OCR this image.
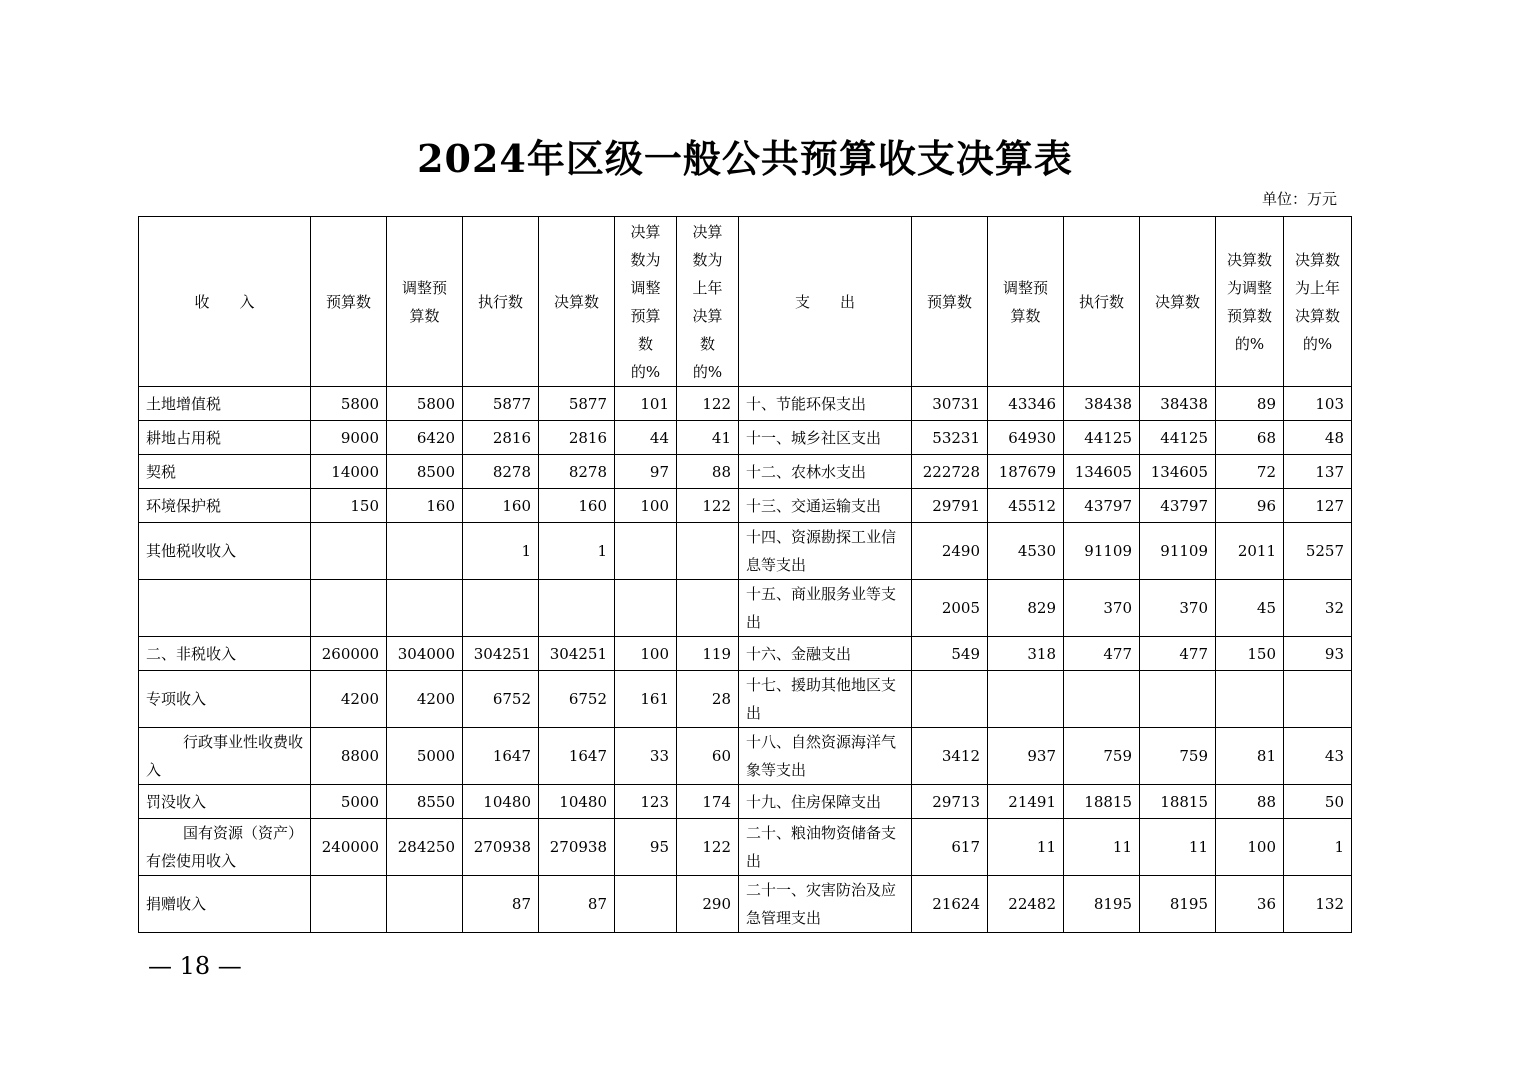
2024年区级一般公共预算收支决算表
单位：万元
收　　入	预算数	调整预算数	执行数	决算数	决算数为调整预算数的%	决算数为上年决算数的%	支　　出	预算数	调整预算数	执行数	决算数	决算数为调整预算数的%	决算数为上年决算数的%
土地增值税	5800	5800	5877	5877	101	122	十、节能环保支出	30731	43346	38438	38438	89	103
耕地占用税	9000	6420	2816	2816	44	41	十一、城乡社区支出	53231	64930	44125	44125	68	48
契税	14000	8500	8278	8278	97	88	十二、农林水支出	222728	187679	134605	134605	72	137
环境保护税	150	160	160	160	100	122	十三、交通运输支出	29791	45512	43797	43797	96	127
其他税收收入			1	1			十四、资源勘探工业信息等支出	2490	4530	91109	91109	2011	5257
							十五、商业服务业等支出	2005	829	370	370	45	32
二、非税收入	260000	304000	304251	304251	100	119	十六、金融支出	549	318	477	477	150	93
专项收入	4200	4200	6752	6752	161	28	十七、援助其他地区支出						
行政事业性收费收入	8800	5000	1647	1647	33	60	十八、自然资源海洋气象等支出	3412	937	759	759	81	43
罚没收入	5000	8550	10480	10480	123	174	十九、住房保障支出	29713	21491	18815	18815	88	50
国有资源（资产）有偿使用收入	240000	284250	270938	270938	95	122	二十、粮油物资储备支出	617	11	11	11	100	1
捐赠收入			87	87		290	二十一、灾害防治及应急管理支出	21624	22482	8195	8195	36	132
— 18 —
